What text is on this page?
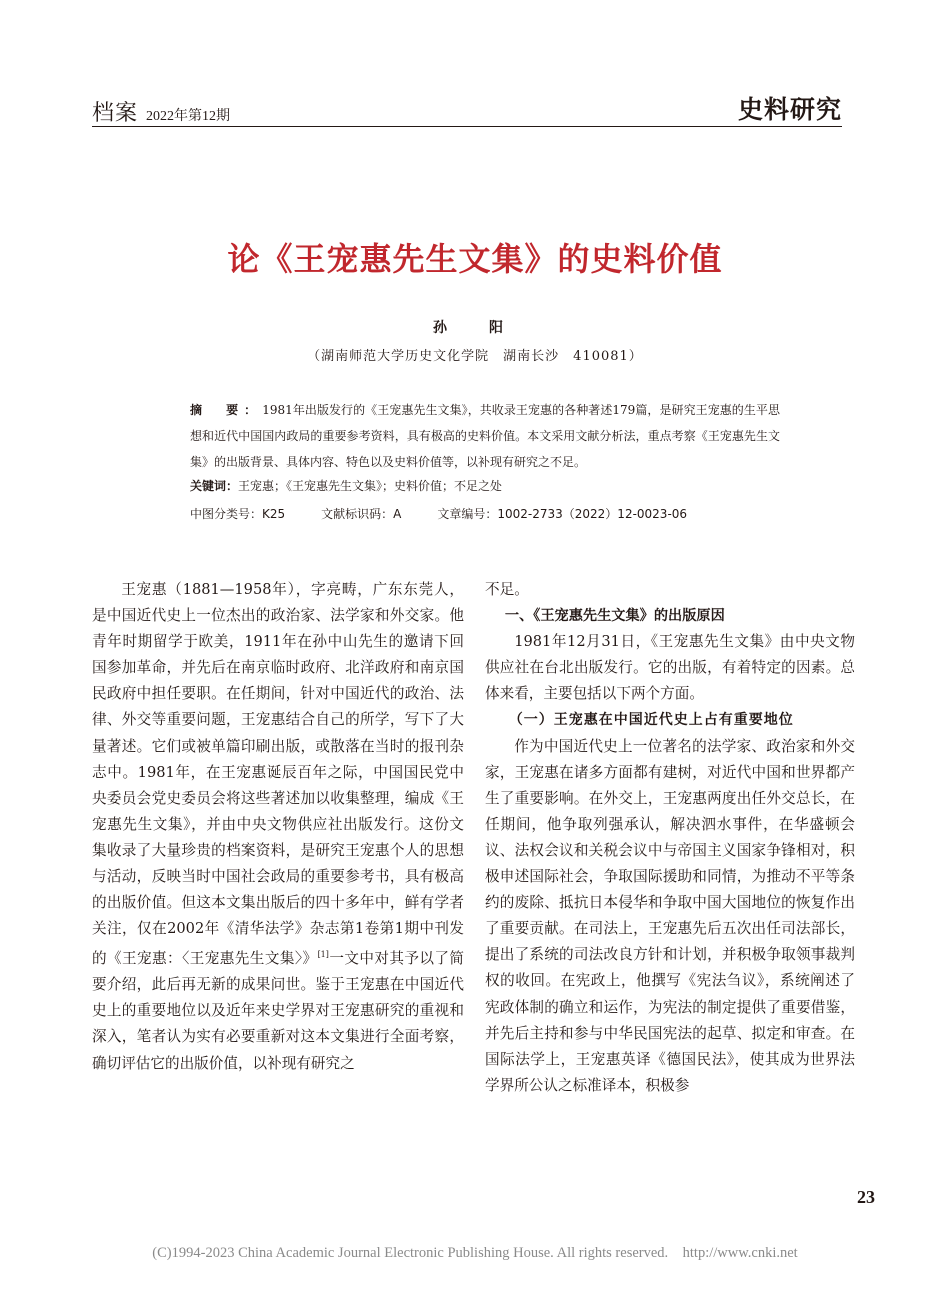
档案 2022年第12期	史料研究
论《王宠惠先生文集》的史料价值
孙　阳
（湖南师范大学历史文化学院　湖南长沙　410081）
摘　要：1981年出版发行的《王宠惠先生文集》，共收录王宠惠的各种著述179篇，是研究王宠惠的生平思想和近代中国国内政局的重要参考资料，具有极高的史料价值。本文采用文献分析法，重点考察《王宠惠先生文集》的出版背景、具体内容、特色以及史料价值等，以补现有研究之不足。
关键词：王宠惠；《王宠惠先生文集》；史料价值；不足之处
中图分类号：K25	文献标识码：A	文章编号：1002-2733（2022）12-0023-06

王宠惠（1881—1958年），字亮畴，广东东莞人，是中国近代史上一位杰出的政治家、法学家和外交家。他青年时期留学于欧美，1911年在孙中山先生的邀请下回国参加革命，并先后在南京临时政府、北洋政府和南京国民政府中担任要职。在任期间，针对中国近代的政治、法律、外交等重要问题，王宠惠结合自己的所学，写下了大量著述。它们或被单篇印刷出版，或散落在当时的报刊杂志中。1981年，在王宠惠诞辰百年之际，中国国民党中央委员会党史委员会将这些著述加以收集整理，编成《王宠惠先生文集》，并由中央文物供应社出版发行。这份文集收录了大量珍贵的档案资料，是研究王宠惠个人的思想与活动，反映当时中国社会政局的重要参考书，具有极高的出版价值。但这本文集出版后的四十多年中，鲜有学者关注，仅在2002年《清华法学》杂志第1卷第1期中刊发的《王宠惠：〈王宠惠先生文集〉》[1]一文中对其予以了简要介绍，此后再无新的成果问世。鉴于王宠惠在中国近代史上的重要地位以及近年来史学界对王宠惠研究的重视和深入，笔者认为实有必要重新对这本文集进行全面考察，确切评估它的出版价值，以补现有研究之

不足。

一、《王宠惠先生文集》的出版原因

1981年12月31日，《王宠惠先生文集》由中央文物供应社在台北出版发行。它的出版，有着特定的因素。总体来看，主要包括以下两个方面。

（一）王宠惠在中国近代史上占有重要地位

作为中国近代史上一位著名的法学家、政治家和外交家，王宠惠在诸多方面都有建树，对近代中国和世界都产生了重要影响。在外交上，王宠惠两度出任外交总长，在任期间，他争取列强承认，解决泗水事件，在华盛顿会议、法权会议和关税会议中与帝国主义国家争锋相对，积极申述国际社会，争取国际援助和同情，为推动不平等条约的废除、抵抗日本侵华和争取中国大国地位的恢复作出了重要贡献。在司法上，王宠惠先后五次出任司法部长，提出了系统的司法改良方针和计划，并积极争取领事裁判权的收回。在宪政上，他撰写《宪法刍议》，系统阐述了宪政体制的确立和运作，为宪法的制定提供了重要借鉴，并先后主持和参与中华民国宪法的起草、拟定和审查。在国际法学上，王宠惠英译《德国民法》，使其成为世界法学界所公认之标准译本，积极参

23
(C)1994-2023 China Academic Journal Electronic Publishing House. All rights reserved.　http://www.cnki.net
